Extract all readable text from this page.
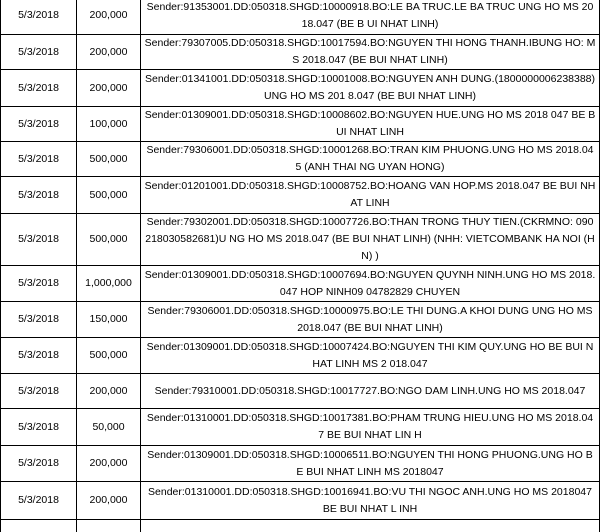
5/3/2018	200,000	Sender:91353001.DD:050318.SHGD:10000918.BO:LE BA TRUC.LE BA TRUC UNG HO MS 2018.047 (BE B UI NHAT LINH)
5/3/2018	200,000	Sender:79307005.DD:050318.SHGD:10017594.BO:NGUYEN THI HONG THANH.IBUNG HO: MS 2018.047 (BE BUI NHAT LINH)
5/3/2018	200,000	Sender:01341001.DD:050318.SHGD:10001008.BO:NGUYEN ANH DUNG.(1800000006238388)UNG HO MS 201 8.047 (BE BUI NHAT LINH)
5/3/2018	100,000	Sender:01309001.DD:050318.SHGD:10008602.BO:NGUYEN HUE.UNG HO MS 2018 047 BE BUI NHAT LINH
5/3/2018	500,000	Sender:79306001.DD:050318.SHGD:10001268.BO:TRAN KIM PHUONG.UNG HO MS 2018.045 (ANH THAI NG UYAN HONG)
5/3/2018	500,000	Sender:01201001.DD:050318.SHGD:10008752.BO:HOANG VAN HOP.MS 2018.047 BE BUI NHAT LINH
5/3/2018	500,000	Sender:79302001.DD:050318.SHGD:10007726.BO:THAN TRONG THUY TIEN.(CKRMNO: 0902180305826​81)U NG HO MS 2018.047 (BE BUI NHAT LINH) (NHH: VIETCOMBANK HA NOI (HN) )
5/3/2018	1,000,000	Sender:01309001.DD:050318.SHGD:10007694.BO:NGUYEN QUYNH NINH.UNG HO MS 2018.047 HOP NINH09 04782829 CHUYEN
5/3/2018	150,000	Sender:79306001.DD:050318.SHGD:10000975.BO:LE THI DUNG.A KHOI DUNG UNG HO MS 2018.047 (BE BUI NHAT LINH)
5/3/2018	500,000	Sender:01309001.DD:050318.SHGD:10007424.BO:NGUYEN THI KIM QUY.UNG HO BE BUI NHAT LINH MS 2 018.047
5/3/2018	200,000	Sender:79310001.DD:050318.SHGD:10017727.BO:NGO DAM LINH.UNG HO MS 2018.047
5/3/2018	50,000	Sender:01310001.DD:050318.SHGD:10017381.BO:PHAM TRUNG HIEU.UNG HO MS 2018.047 BE BUI NHAT LIN H
5/3/2018	200,000	Sender:01309001.DD:050318.SHGD:10006511.BO:NGUYEN THI HONG PHUONG.UNG HO BE BUI NHAT LINH MS 2018047
5/3/2018	200,000	Sender:01310001.DD:050318.SHGD:10016941.BO:VU THI NGOC ANH.UNG HO MS 2018047 BE BUI NHAT L INH
